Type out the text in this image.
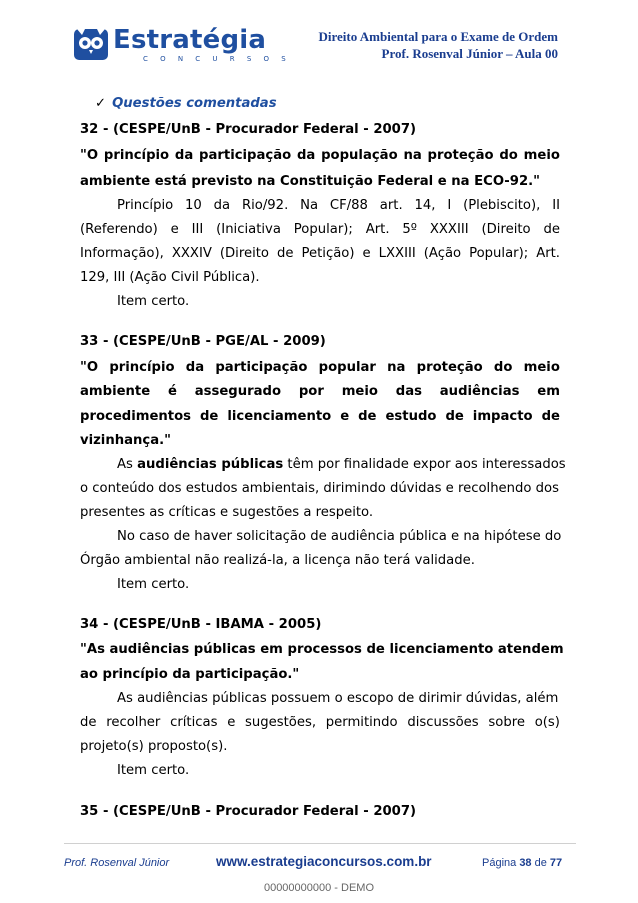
Estratégia
C O N C U R S O S
Direito Ambiental para o Exame de Ordem
Prof. Rosenval Júnior – Aula 00
✓ Questões comentadas
32 - (CESPE/UnB - Procurador Federal - 2007)
"O princípio da participação da população na proteção do meio
ambiente está previsto na Constituição Federal e na ECO-92."
Princípio 10 da Rio/92. Na CF/88 art. 14, I (Plebiscito), II
(Referendo) e III (Iniciativa Popular); Art. 5º XXXIII (Direito de
Informação), XXXIV (Direito de Petição) e LXXIII (Ação Popular); Art.
129, III (Ação Civil Pública).
Item certo.
33 - (CESPE/UnB - PGE/AL - 2009)
"O princípio da participação popular na proteção do meio
ambiente é assegurado por meio das audiências em
procedimentos de licenciamento e de estudo de impacto de
vizinhança."
As audiências públicas têm por finalidade expor aos interessados
o conteúdo dos estudos ambientais, dirimindo dúvidas e recolhendo dos
presentes as críticas e sugestões a respeito.
No caso de haver solicitação de audiência pública e na hipótese do
Órgão ambiental não realizá-la, a licença não terá validade.
Item certo.
34 - (CESPE/UnB - IBAMA - 2005)
"As audiências públicas em processos de licenciamento atendem
ao princípio da participação."
As audiências públicas possuem o escopo de dirimir dúvidas, além
de recolher críticas e sugestões, permitindo discussões sobre o(s)
projeto(s) proposto(s).
Item certo.
35 - (CESPE/UnB - Procurador Federal - 2007)
Prof. Rosenval Júnior	www.estrategiaconcursos.com.br	Página 38 de 77
00000000000 - DEMO
